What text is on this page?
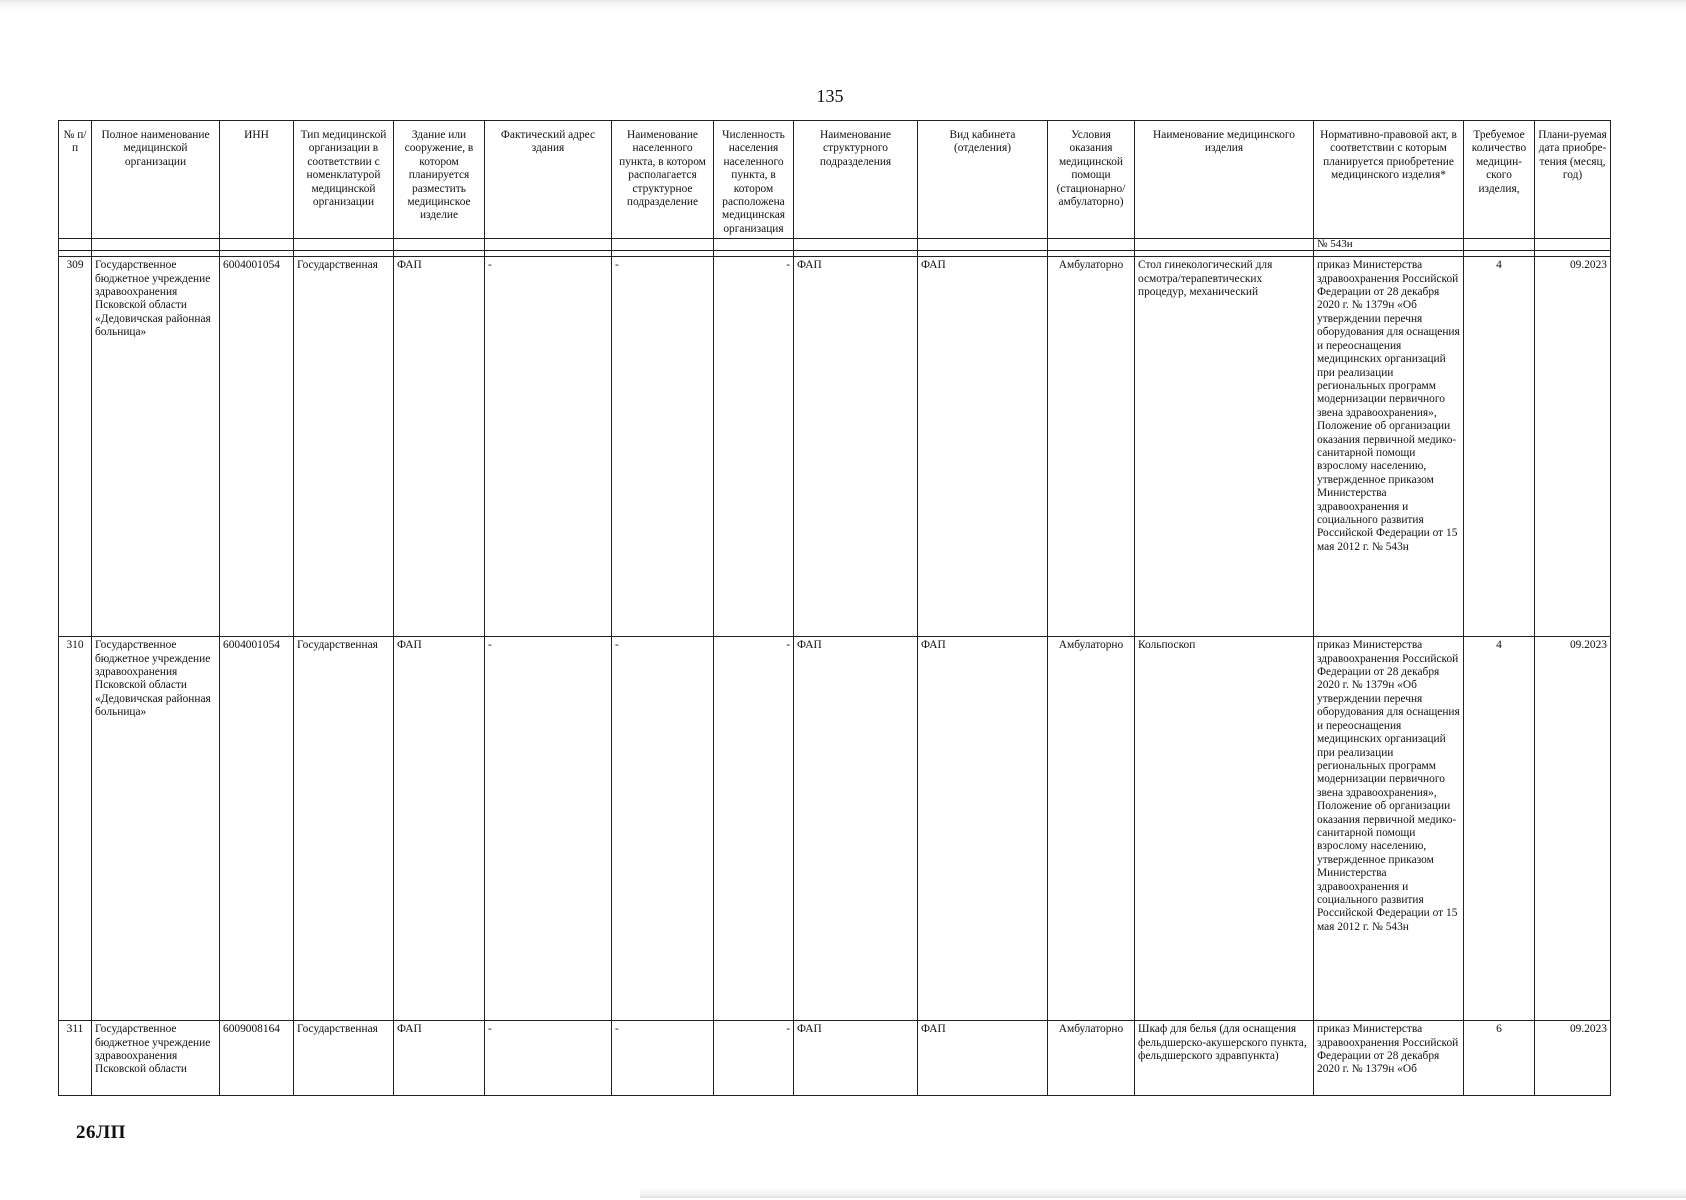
135
№ п/п	Полное наименование медицинской организации	ИНН	Тип медицинской организации в соответствии с номенклатурой медицинской организации	Здание или сооружение, в котором планируется разместить медицинское изделие	Фактический адрес здания	Наименование населенного пункта, в котором располагается структурное подразделение	Численность населения населенного пункта, в котором расположена медицинская организация	Наименование структурного подразделения	Вид кабинета (отделения)	Условия оказания медицинской помощи (стационарно/ амбулаторно)	Наименование медицинского изделия	Нормативно-правовой акт, в соответствии с которым планируется приобретение медицинского изделия*	Требуемое количество медицин-ского изделия,	Плани-руемая дата приобре-тения (месяц, год)
												№ 543н		

309	Государственное бюджетное учреждение здравоохранения Псковской области «Дедовичская районная больница»	6004001054	Государственная	ФАП	-	-	-	ФАП	ФАП	Амбулаторно	Стол гинекологический для осмотра/терапевтических процедур, механический	приказ Министерства здравоохранения Российской Федерации от 28 декабря 2020 г. № 1379н «Об утверждении перечня оборудования для оснащения и переоснащения медицинских организаций при реализации региональных программ модернизации первичного звена здравоохранения», Положение об организации оказания первичной медико-санитарной помощи взрослому населению, утвержденное приказом Министерства здравоохранения и социального развития Российской Федерации от 15 мая 2012 г. № 543н	4	09.2023
310	Государственное бюджетное учреждение здравоохранения Псковской области «Дедовичская районная больница»	6004001054	Государственная	ФАП	-	-	-	ФАП	ФАП	Амбулаторно	Кольпоскоп	приказ Министерства здравоохранения Российской Федерации от 28 декабря 2020 г. № 1379н «Об утверждении перечня оборудования для оснащения и переоснащения медицинских организаций при реализации региональных программ модернизации первичного звена здравоохранения», Положение об организации оказания первичной медико-санитарной помощи взрослому населению, утвержденное приказом Министерства здравоохранения и социального развития Российской Федерации от 15 мая 2012 г. № 543н	4	09.2023
311	Государственное бюджетное учреждение здравоохранения Псковской области	6009008164	Государственная	ФАП	-	-	-	ФАП	ФАП	Амбулаторно	Шкаф для белья (для оснащения фельдшерско-акушерского пункта, фельдшерского здравпункта)	приказ Министерства здравоохранения Российской Федерации от 28 декабря 2020 г. № 1379н «Об	6	09.2023
26ЛП
